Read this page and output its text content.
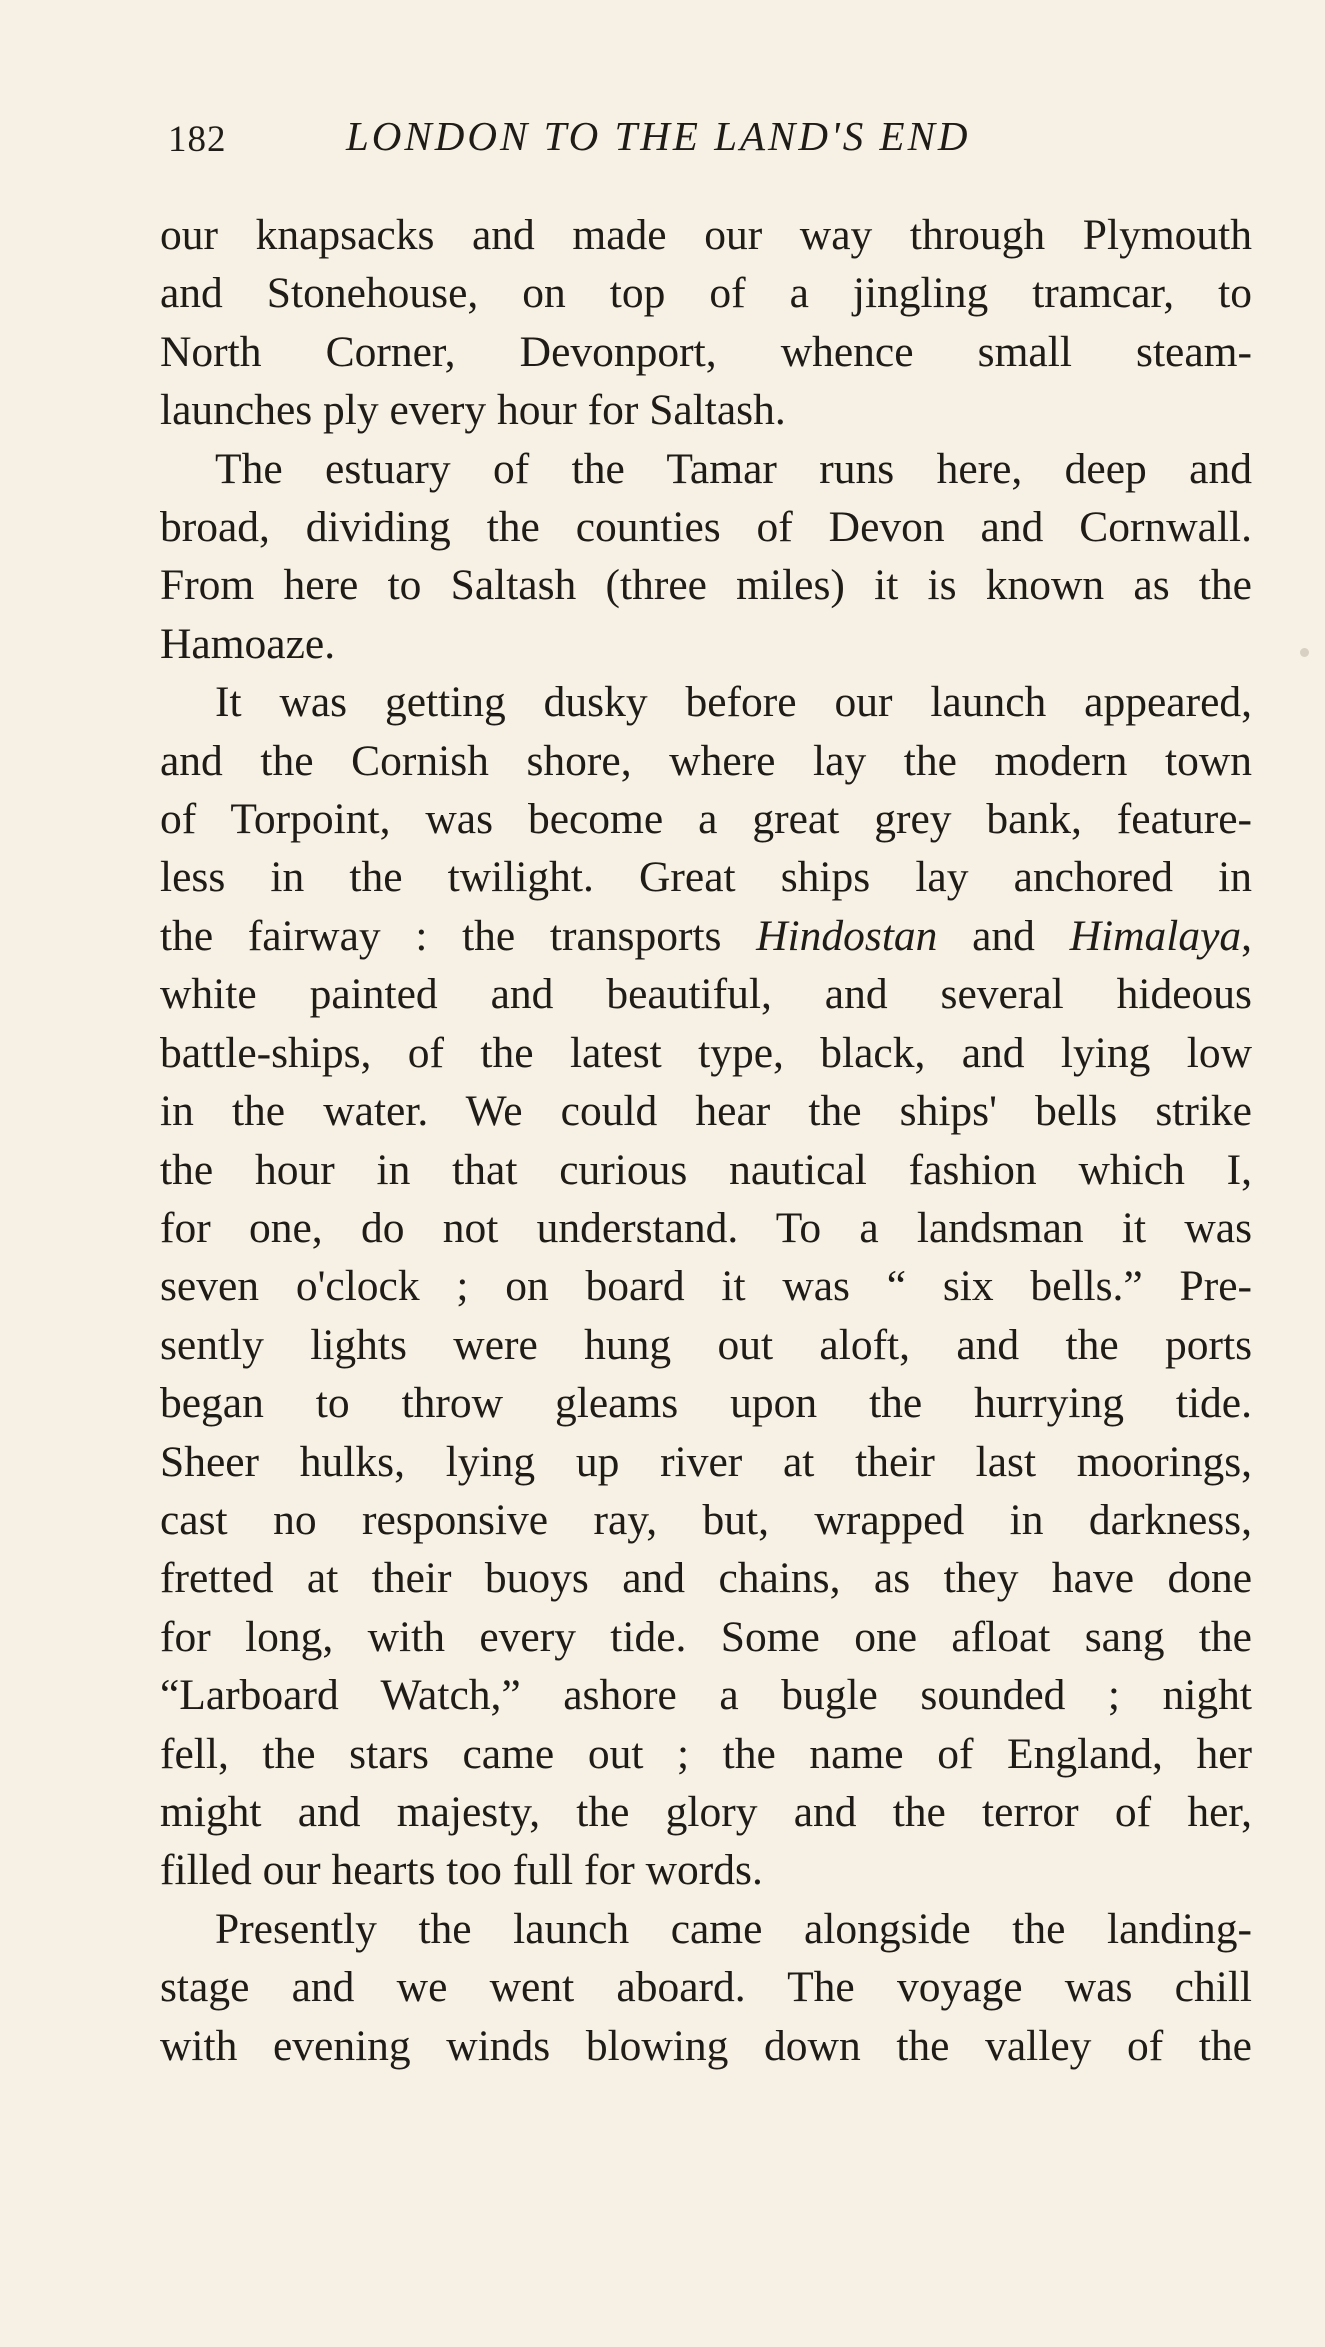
182	LONDON TO THE LAND'S END

our knapsacks and made our way through Plymouth
and Stonehouse, on top of a jingling tramcar, to
North Corner, Devonport, whence small steam-
launches ply every hour for Saltash.

The estuary of the Tamar runs here, deep and
broad, dividing the counties of Devon and Cornwall.
From here to Saltash (three miles) it is known as the
Hamoaze.

It was getting dusky before our launch appeared,
and the Cornish shore, where lay the modern town
of Torpoint, was become a great grey bank, feature-
less in the twilight. Great ships lay anchored in
the fairway : the transports Hindostan and Himalaya,
white painted and beautiful, and several hideous
battle-ships, of the latest type, black, and lying low
in the water. We could hear the ships' bells strike
the hour in that curious nautical fashion which I,
for one, do not understand. To a landsman it was
seven o'clock ; on board it was “ six bells.” Pre-
sently lights were hung out aloft, and the ports
began to throw gleams upon the hurrying tide.
Sheer hulks, lying up river at their last moorings,
cast no responsive ray, but, wrapped in darkness,
fretted at their buoys and chains, as they have done
for long, with every tide. Some one afloat sang the
“Larboard Watch,” ashore a bugle sounded ; night
fell, the stars came out ; the name of England, her
might and majesty, the glory and the terror of her,
filled our hearts too full for words.

Presently the launch came alongside the landing-
stage and we went aboard. The voyage was chill
with evening winds blowing down the valley of the
